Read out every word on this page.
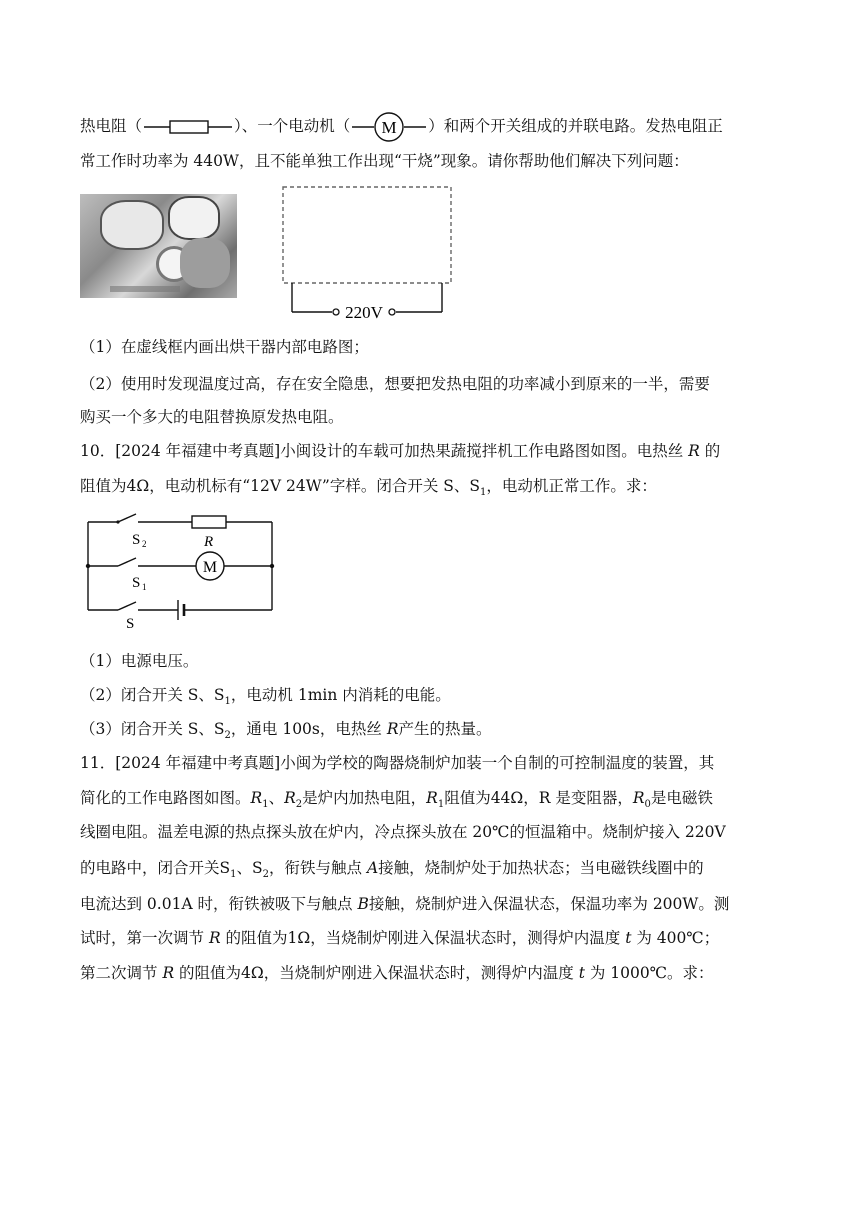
热电阻（	）、一个电动机（ M ）和两个开关组成的并联电路。发热电阻正
常工作时功率为 440W，且不能单独工作出现“干烧”现象。请你帮助他们解决下列问题：
220V
（1）在虚线框内画出烘干器内部电路图；
（2）使用时发现温度过高，存在安全隐患，想要把发热电阻的功率减小到原来的一半，需要
购买一个多大的电阻替换原发热电阻。
10．[2024 年福建中考真题]小闽设计的车载可加热果蔬搅拌机工作电路图如图。电热丝 R 的
阻值为4Ω，电动机标有“12V 24W”字样。闭合开关 S、$S_1$，电动机正常工作。求：
S 2	R
M
S 1
S
（1）电源电压。
（2）闭合开关 S、$S_1$，电动机 1min 内消耗的电能。
（3）闭合开关 S、$S_2$，通电 100s，电热丝 R产生的热量。
11．[2024 年福建中考真题]小闽为学校的陶器烧制炉加装一个自制的可控制温度的装置，其
简化的工作电路图如图。$R_1$、$R_2$是炉内加热电阻，$R_1$阻值为44Ω，R 是变阻器，$R_0$是电磁铁
线圈电阻。温差电源的热点探头放在炉内，冷点探头放在 20℃的恒温箱中。烧制炉接入 220V
的电路中，闭合开关$S_1$、$S_2$，衔铁与触点 A接触，烧制炉处于加热状态；当电磁铁线圈中的
电流达到 0.01A 时，衔铁被吸下与触点 B接触，烧制炉进入保温状态，保温功率为 200W。测
试时，第一次调节 R 的阻值为1Ω，当烧制炉刚进入保温状态时，测得炉内温度 t 为 400℃；
第二次调节 R 的阻值为4Ω，当烧制炉刚进入保温状态时，测得炉内温度 t 为 1000℃。求：
